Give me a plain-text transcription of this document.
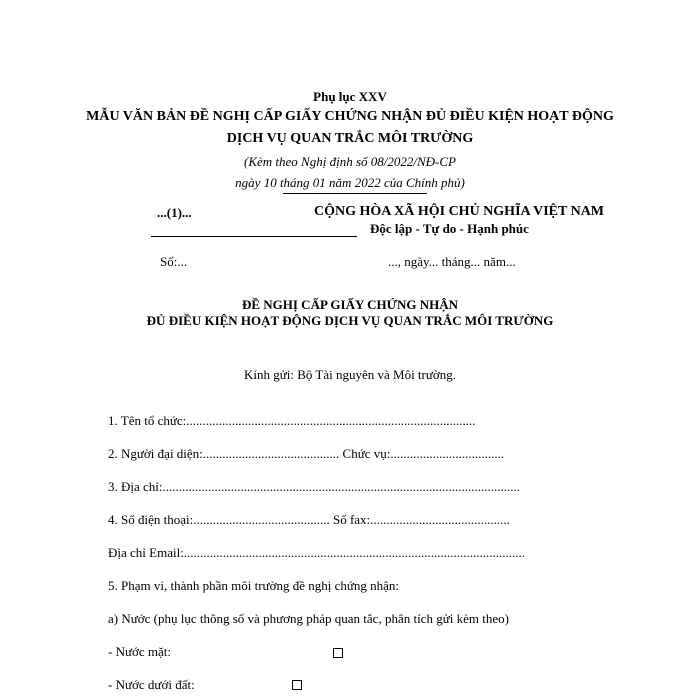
Phụ lục XXV
MẪU VĂN BẢN ĐỀ NGHỊ CẤP GIẤY CHỨNG NHẬN ĐỦ ĐIỀU KIỆN HOẠT ĐỘNG
DỊCH VỤ QUAN TRẮC MÔI TRƯỜNG
(Kèm theo Nghị định số 08/2022/NĐ-CP
ngày 10 tháng 01 năm 2022 của Chính phủ)
...(1)...	CỘNG HÒA XÃ HỘI CHỦ NGHĨA VIỆT NAM
Độc lập - Tự do - Hạnh phúc
Số:...	..., ngày... tháng... năm...
ĐỀ NGHỊ CẤP GIẤY CHỨNG NHẬN
ĐỦ ĐIỀU KIỆN HOẠT ĐỘNG DỊCH VỤ QUAN TRẮC MÔI TRƯỜNG
Kính gửi: Bộ Tài nguyên và Môi trường.
1. Tên tổ chức:.........................................................................................
2. Người đại diện:.......................................... Chức vụ:...................................
3. Địa chỉ:..............................................................................................................
4. Số điện thoại:.......................................... Số fax:...........................................
Địa chỉ Email:.........................................................................................................
5. Phạm vi, thành phần môi trường đề nghị chứng nhận:
a) Nước (phụ lục thông số và phương pháp quan tắc, phân tích gửi kèm theo)
- Nước mặt:
- Nước dưới đất:
